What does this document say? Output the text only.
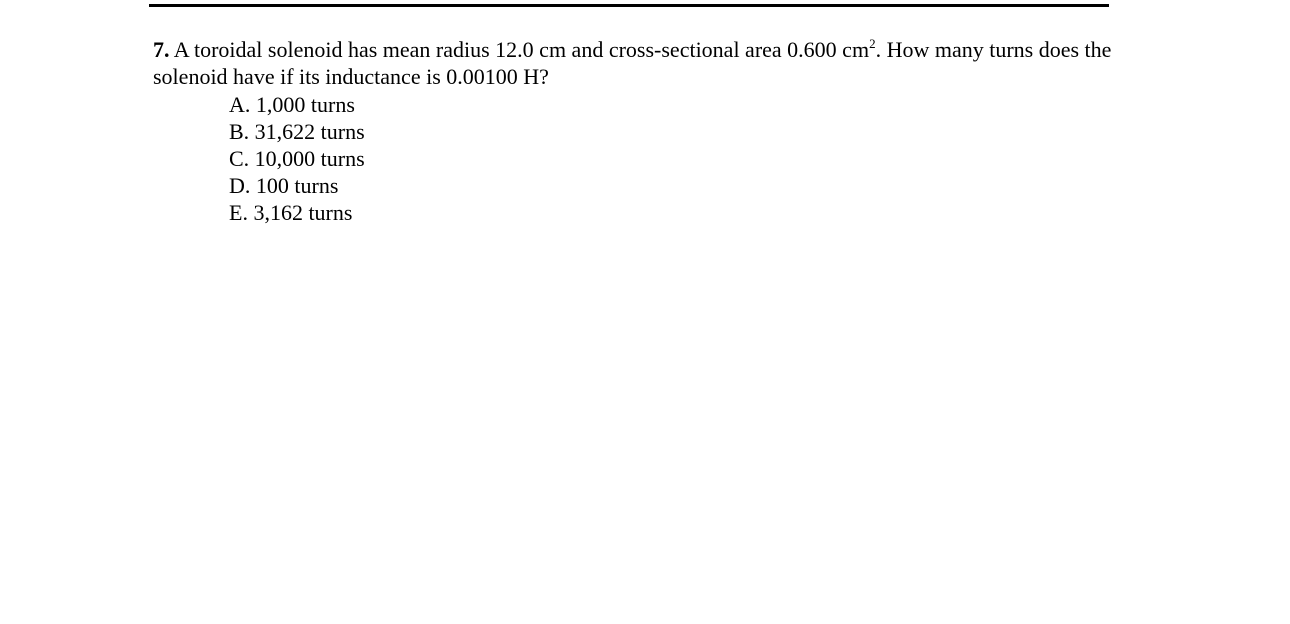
7. A toroidal solenoid has mean radius 12.0 cm and cross-sectional area 0.600 $cm^2$. How many turns does the solenoid have if its inductance is 0.00100 H?
A. 1,000 turns
B. 31,622 turns
C. 10,000 turns
D. 100 turns
E. 3,162 turns
